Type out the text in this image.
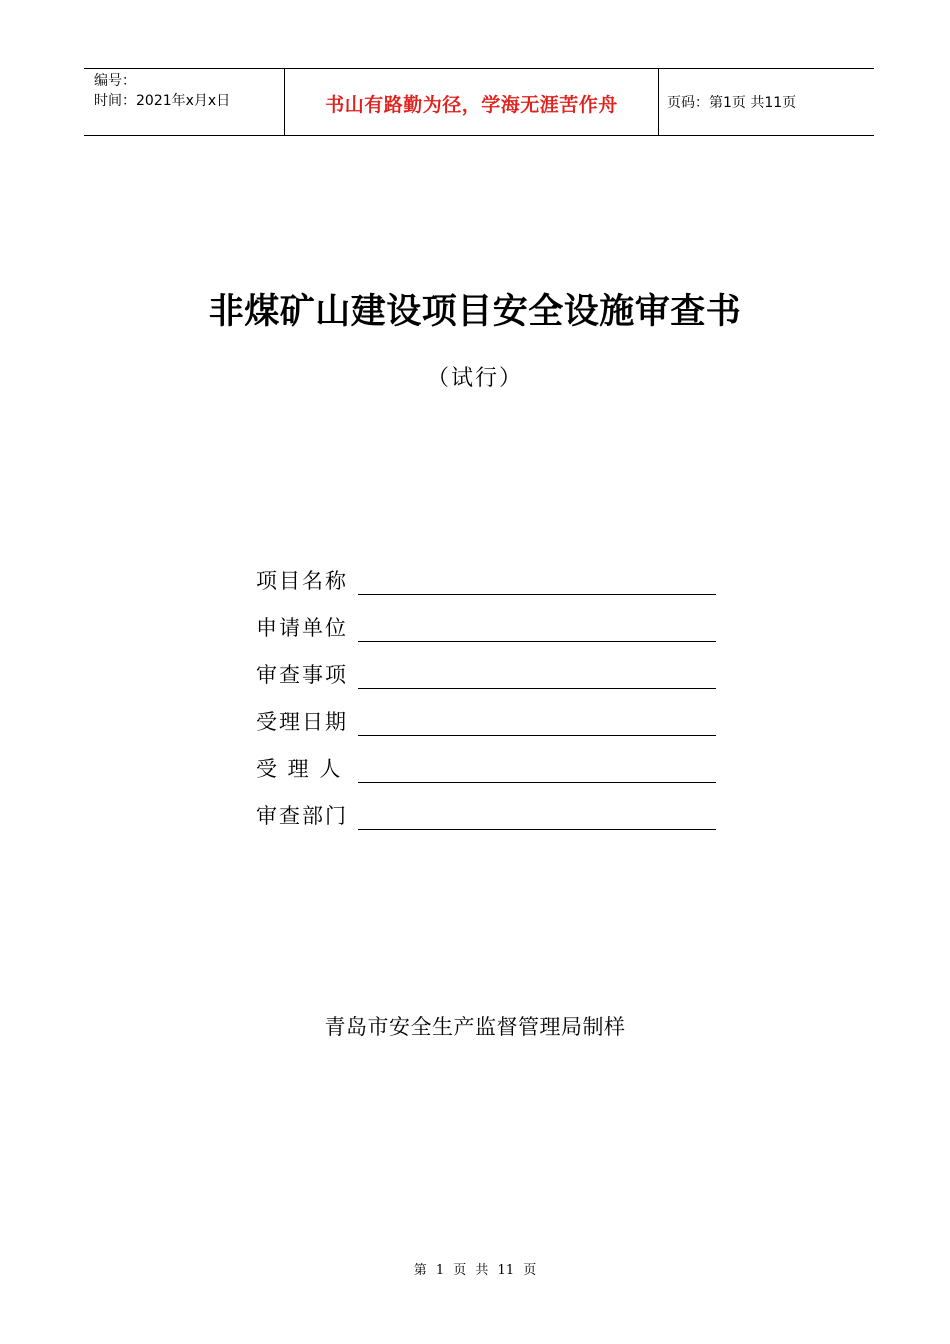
编号：
时间：2021年x月x日	书山有路勤为径，学海无涯苦作舟	页码：第1页 共11页
非煤矿山建设项目安全设施审查书
（试行）
项目名称
申请单位
审查事项
受理日期
受 理 人
审查部门
青岛市安全生产监督管理局制样
第 1 页 共 11 页
